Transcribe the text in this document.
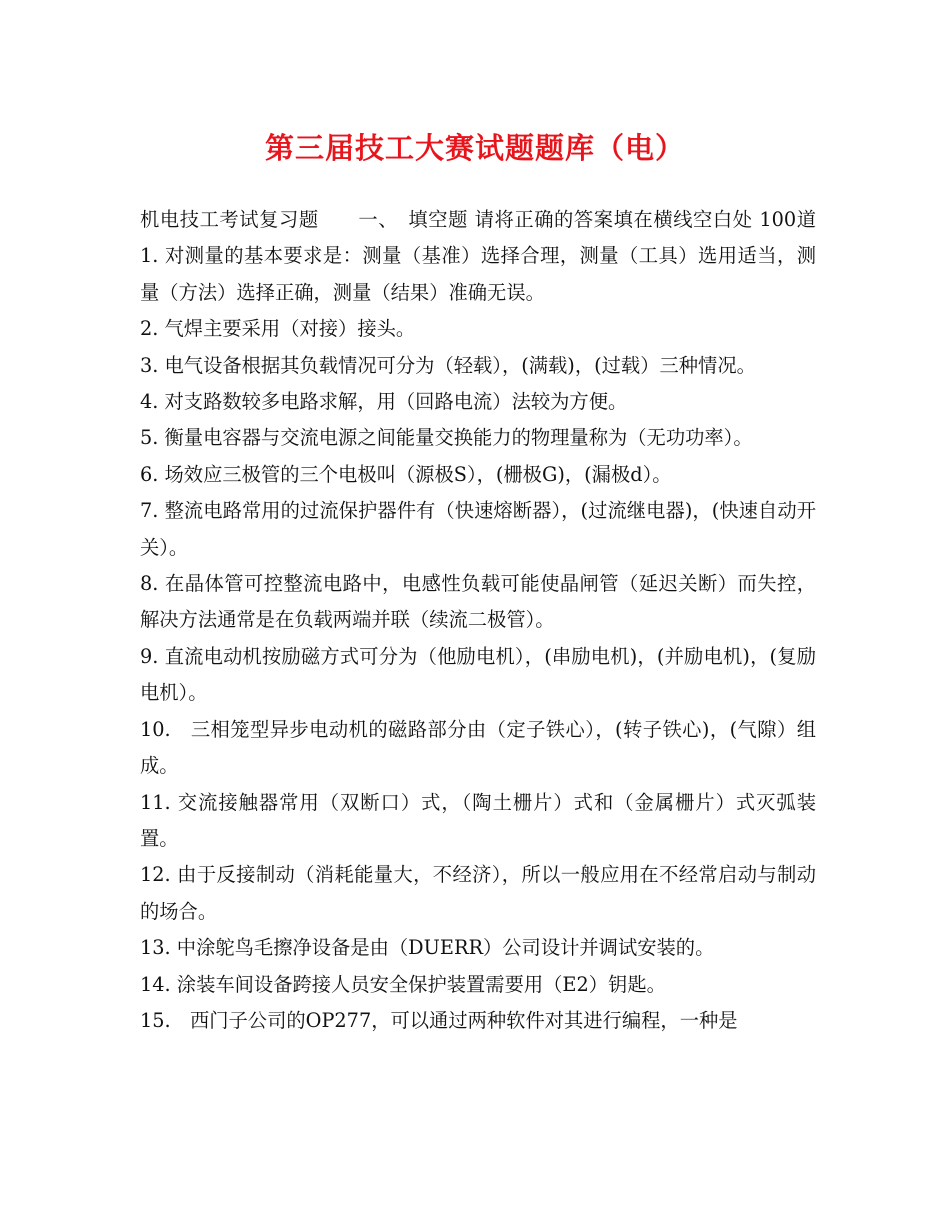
第三届技工大赛试题题库（电）

机电技工考试复习题　　一、　填空题 请将正确的答案填在横线空白处 100道 1. 对测量的基本要求是：测量（基准）选择合理，测量（工具）选用适当，测量（方法）选择正确，测量（结果）准确无误。

2. 气焊主要采用（对接）接头。

3. 电气设备根据其负载情况可分为（轻载），(满载)，(过载）三种情况。

4. 对支路数较多电路求解，用（回路电流）法较为方便。

5. 衡量电容器与交流电源之间能量交换能力的物理量称为（无功功率）。

6. 场效应三极管的三个电极叫（源极S），(栅极G)，(漏极d）。

7. 整流电路常用的过流保护器件有（快速熔断器），(过流继电器)，(快速自动开关）。

8. 在晶体管可控整流电路中，电感性负载可能使晶闸管（延迟关断）而失控，解决方法通常是在负载两端并联（续流二极管）。

9. 直流电动机按励磁方式可分为（他励电机），(串励电机)，(并励电机)，(复励电机）。

10.　三相笼型异步电动机的磁路部分由（定子铁心），(转子铁心)，(气隙）组成。

11. 交流接触器常用（双断口）式，（陶土栅片）式和（金属栅片）式灭弧装置。

12. 由于反接制动（消耗能量大，不经济），所以一般应用在不经常启动与制动的场合。

13. 中涂鸵鸟毛擦净设备是由（DUERR）公司设计并调试安装的。

14. 涂装车间设备跨接人员安全保护装置需要用（E2）钥匙。

15.　西门子公司的OP277，可以通过两种软件对其进行编程，一种是
